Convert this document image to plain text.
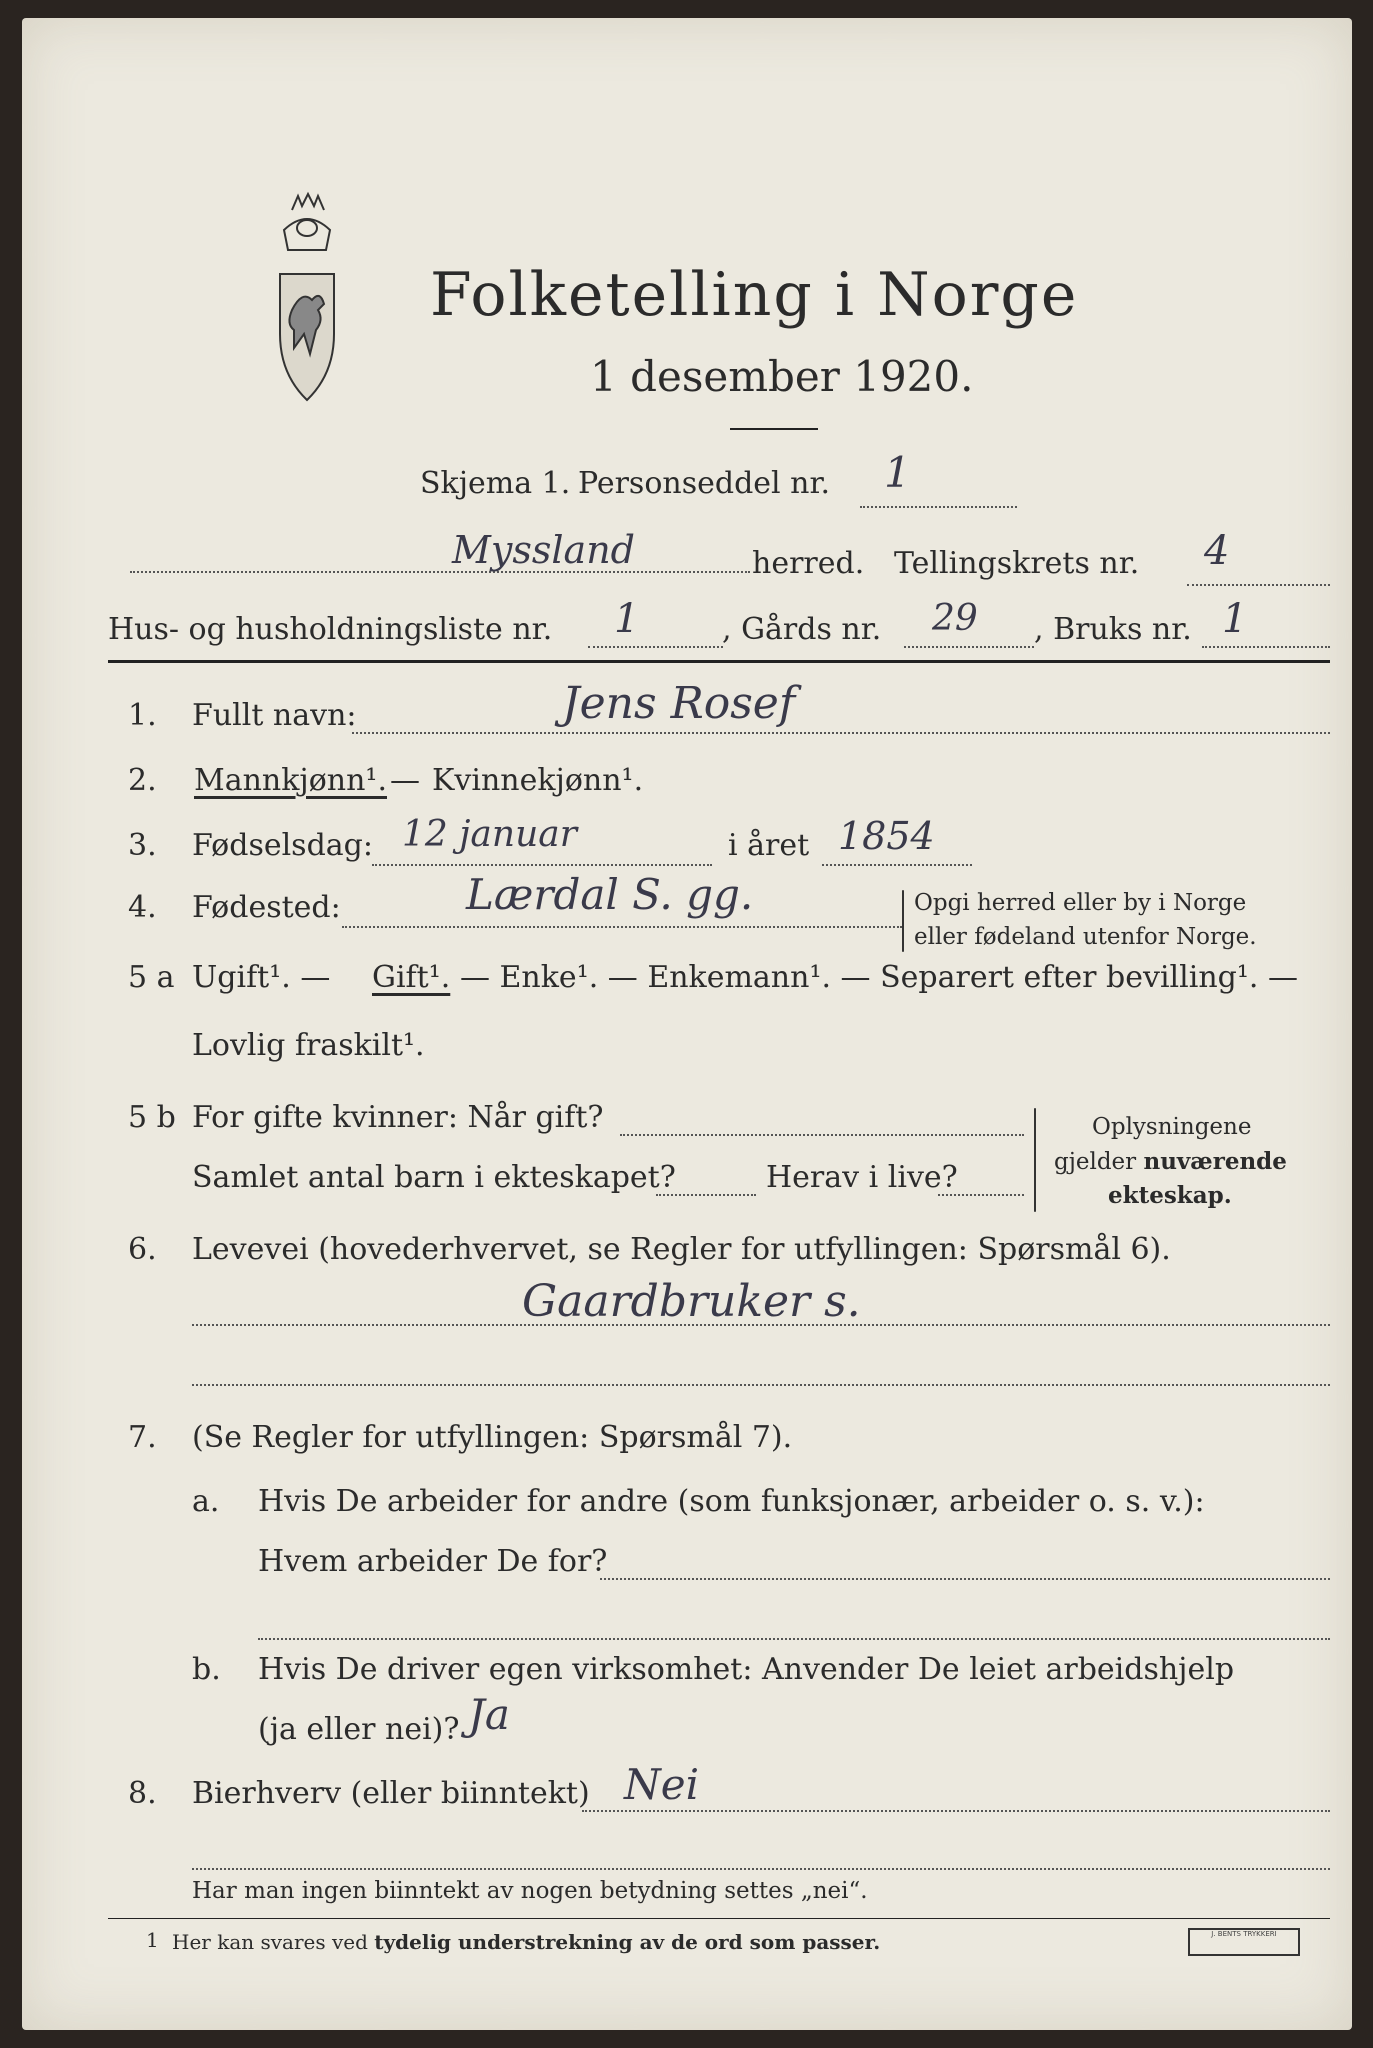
Folketelling i Norge
1 desember 1920.
Skjema 1. Personseddel nr. 1
Myssland	herred. Tellingskrets nr. 4
Hus- og husholdningsliste nr. 1	, Gårds nr. 29 , Bruks nr. 1
1. Fullt navn:	Jens Rosef
2. Mannkjønn¹. — Kvinnekjønn¹.
3. Fødselsdag: 12 januar	i året 1854
4. Fødested:	Lærdal S. gg.	Opgi herred eller by i Norge
eller fødeland utenfor Norge.
5 a Ugift¹. — Gift¹. — Enke¹. — Enkemann¹. — Separert efter bevilling¹. —
Lovlig fraskilt¹.
5 b For gifte kvinner: Når gift?
Samlet antal barn i ekteskapet?	Herav i live?
Oplysningene
gjelder nuværende
ekteskap.
6. Levevei (hovederhvervet, se Regler for utfyllingen: Spørsmål 6).
Gaardbruker s.
7. (Se Regler for utfyllingen: Spørsmål 7).
a. Hvis De arbeider for andre (som funksjonær, arbeider o. s. v.):
Hvem arbeider De for?
b. Hvis De driver egen virksomhet: Anvender De leiet arbeidshjelp
(ja eller nei)? Ja
8. Bierhverv (eller biinntekt) Nei
Har man ingen biinntekt av nogen betydning settes „nei“.
1 Her kan svares ved tydelig understrekning av de ord som passer.	J. BENTS TRYKKERI
